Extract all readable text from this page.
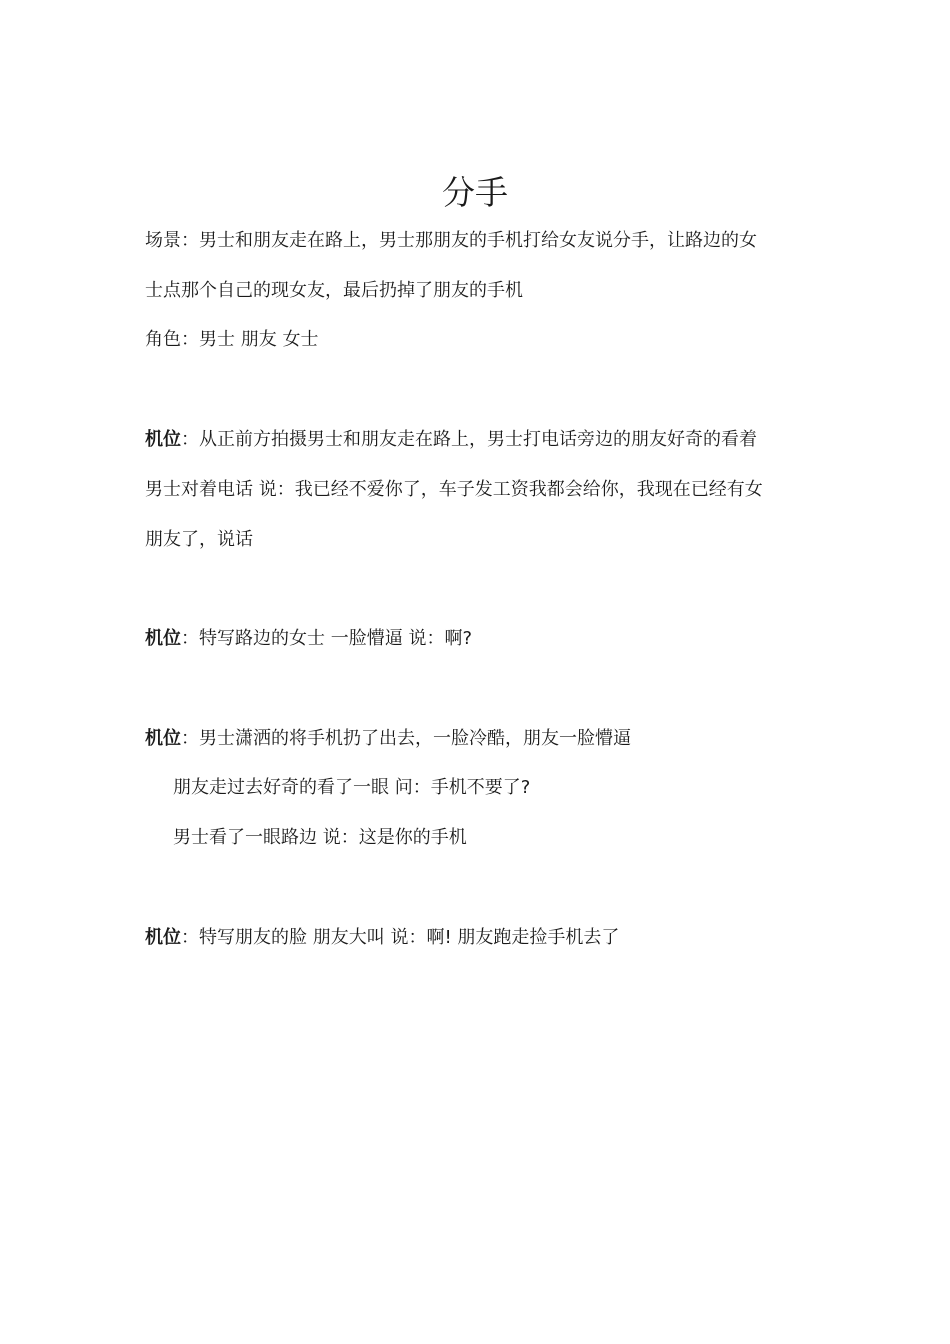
分手

场景：男士和朋友走在路上，男士那朋友的手机打给女友说分手，让路边的女

士点那个自己的现女友，最后扔掉了朋友的手机

角色：男士 朋友 女士

机位：从正前方拍摄男士和朋友走在路上，男士打电话旁边的朋友好奇的看着

男士对着电话 说：我已经不爱你了，车子发工资我都会给你，我现在已经有女

朋友了，说话

机位：特写路边的女士 一脸懵逼 说：啊?

机位：男士潇洒的将手机扔了出去，一脸冷酷，朋友一脸懵逼

朋友走过去好奇的看了一眼 问：手机不要了?

男士看了一眼路边 说：这是你的手机

机位：特写朋友的脸 朋友大叫 说：啊! 朋友跑走捡手机去了
